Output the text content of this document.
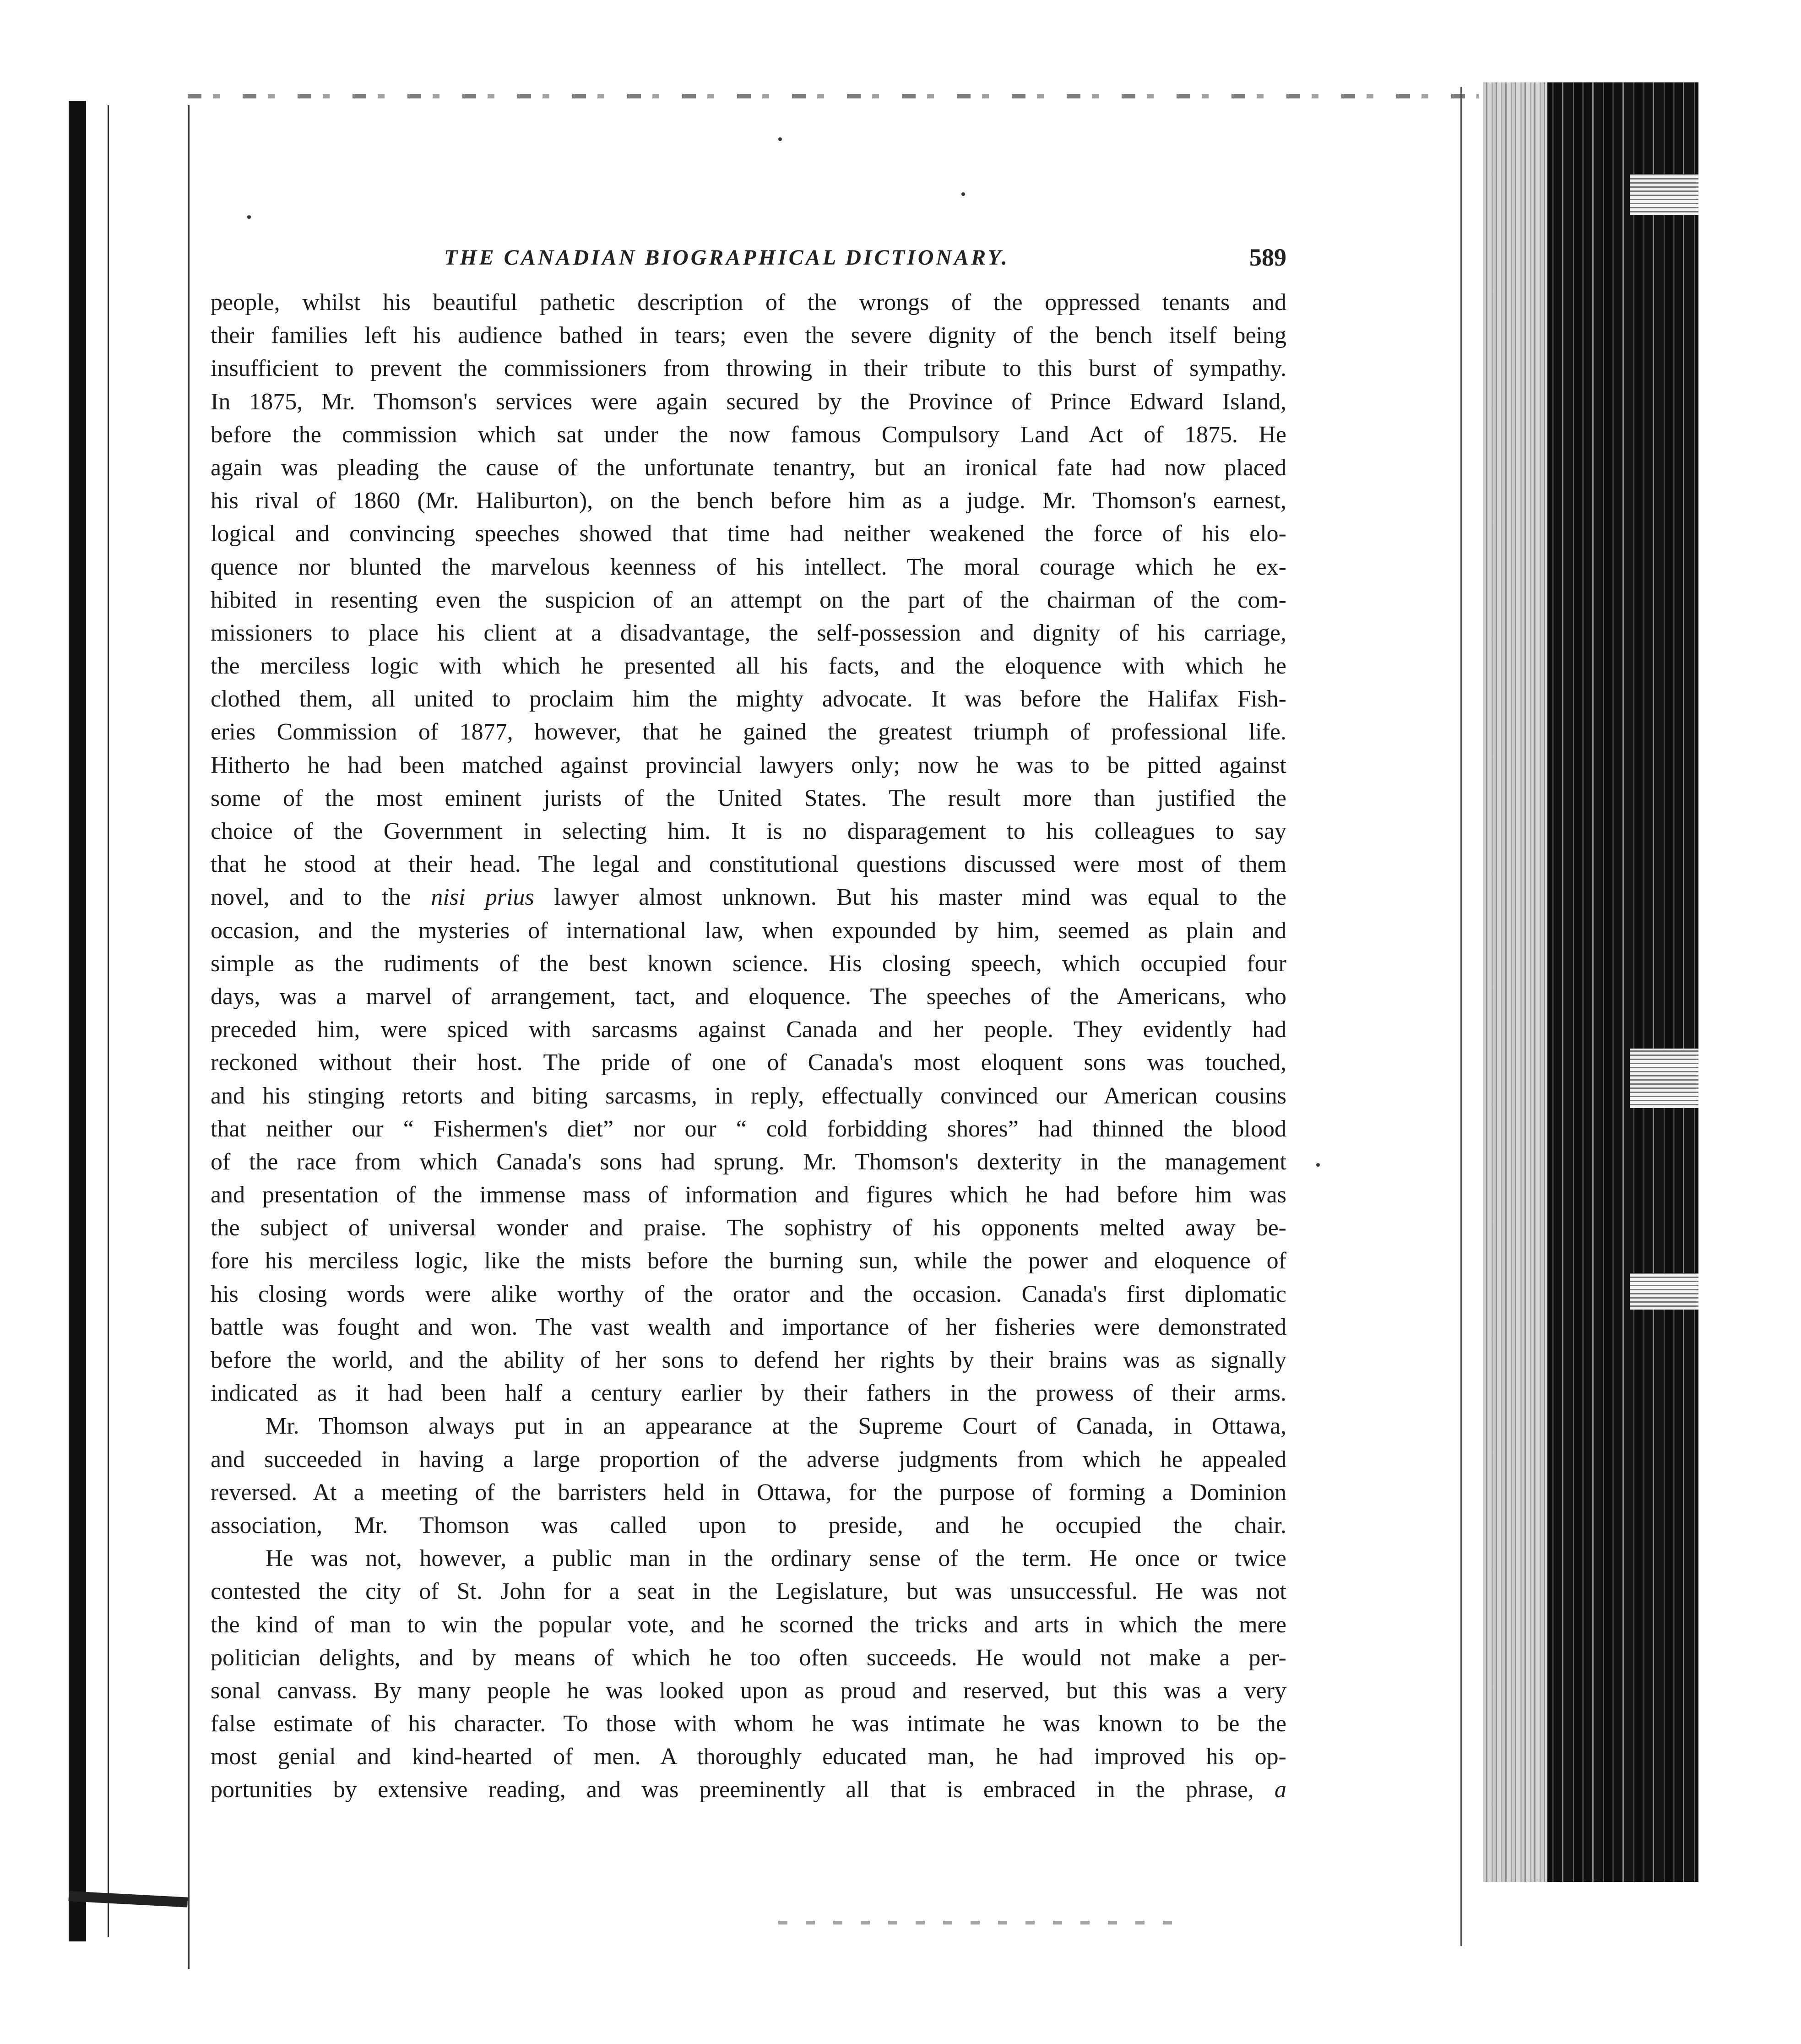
THE CANADIAN BIOGRAPHICAL DICTIONARY.	589
people, whilst his beautiful pathetic description of the wrongs of the oppressed tenants and
their families left his audience bathed in tears; even the severe dignity of the bench itself being
insufficient to prevent the commissioners from throwing in their tribute to this burst of sympathy.
In 1875, Mr. Thomson's services were again secured by the Province of Prince Edward Island,
before the commission which sat under the now famous Compulsory Land Act of 1875. He
again was pleading the cause of the unfortunate tenantry, but an ironical fate had now placed
his rival of 1860 (Mr. Haliburton), on the bench before him as a judge. Mr. Thomson's earnest,
logical and convincing speeches showed that time had neither weakened the force of his elo-
quence nor blunted the marvelous keenness of his intellect. The moral courage which he ex-
hibited in resenting even the suspicion of an attempt on the part of the chairman of the com-
missioners to place his client at a disadvantage, the self-possession and dignity of his carriage,
the merciless logic with which he presented all his facts, and the eloquence with which he
clothed them, all united to proclaim him the mighty advocate. It was before the Halifax Fish-
eries Commission of 1877, however, that he gained the greatest triumph of professional life.
Hitherto he had been matched against provincial lawyers only; now he was to be pitted against
some of the most eminent jurists of the United States. The result more than justified the
choice of the Government in selecting him. It is no disparagement to his colleagues to say
that he stood at their head. The legal and constitutional questions discussed were most of them
novel, and to the nisi prius lawyer almost unknown. But his master mind was equal to the
occasion, and the mysteries of international law, when expounded by him, seemed as plain and
simple as the rudiments of the best known science. His closing speech, which occupied four
days, was a marvel of arrangement, tact, and eloquence. The speeches of the Americans, who
preceded him, were spiced with sarcasms against Canada and her people. They evidently had
reckoned without their host. The pride of one of Canada's most eloquent sons was touched,
and his stinging retorts and biting sarcasms, in reply, effectually convinced our American cousins
that neither our “ Fishermen's diet” nor our “ cold forbidding shores” had thinned the blood
of the race from which Canada's sons had sprung. Mr. Thomson's dexterity in the management
and presentation of the immense mass of information and figures which he had before him was
the subject of universal wonder and praise. The sophistry of his opponents melted away be-
fore his merciless logic, like the mists before the burning sun, while the power and eloquence of
his closing words were alike worthy of the orator and the occasion. Canada's first diplomatic
battle was fought and won. The vast wealth and importance of her fisheries were demonstrated
before the world, and the ability of her sons to defend her rights by their brains was as signally
indicated as it had been half a century earlier by their fathers in the prowess of their arms.
Mr. Thomson always put in an appearance at the Supreme Court of Canada, in Ottawa,
and succeeded in having a large proportion of the adverse judgments from which he appealed
reversed. At a meeting of the barristers held in Ottawa, for the purpose of forming a Dominion
association, Mr. Thomson was called upon to preside, and he occupied the chair.
He was not, however, a public man in the ordinary sense of the term. He once or twice
contested the city of St. John for a seat in the Legislature, but was unsuccessful. He was not
the kind of man to win the popular vote, and he scorned the tricks and arts in which the mere
politician delights, and by means of which he too often succeeds. He would not make a per-
sonal canvass. By many people he was looked upon as proud and reserved, but this was a very
false estimate of his character. To those with whom he was intimate he was known to be the
most genial and kind-hearted of men. A thoroughly educated man, he had improved his op-
portunities by extensive reading, and was preeminently all that is embraced in the phrase, a
